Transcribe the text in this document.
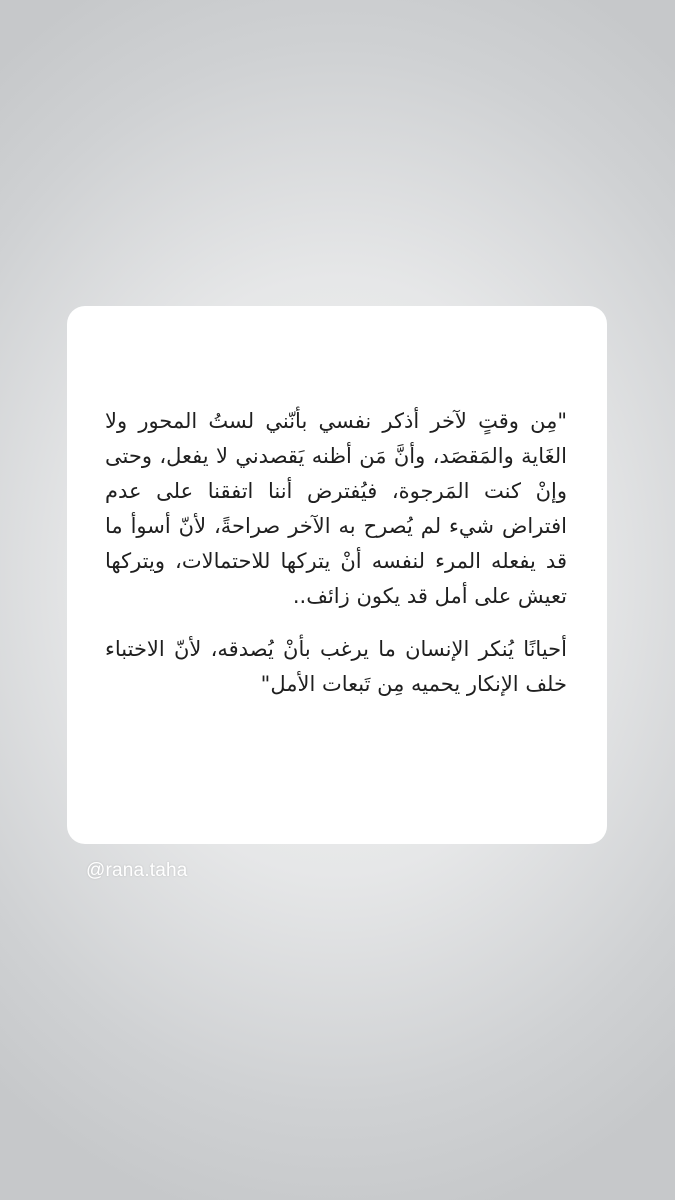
"مِن وقتٍ لآخر أذكر نفسي بأنّني لستُ المحور ولا الغَاية والمَقصَد، وأنَّ مَن أظنه يَقصدني لا يفعل، وحتى وإنْ كنت المَرجوة، فيُفترض أننا اتفقنا على عدم افتراض شيء لم يُصرح به الآخر صراحةً، لأنّ أسوأ ما قد يفعله المرء لنفسه أنْ يتركها للاحتمالات، ويتركها تعيش على أمل قد يكون زائف..

أحيانًا يُنكر الإنسان ما يرغب بأنْ يُصدقه، لأنّ الاختباء خلف الإنكار يحميه مِن تَبعات الأمل"

@rana.taha
